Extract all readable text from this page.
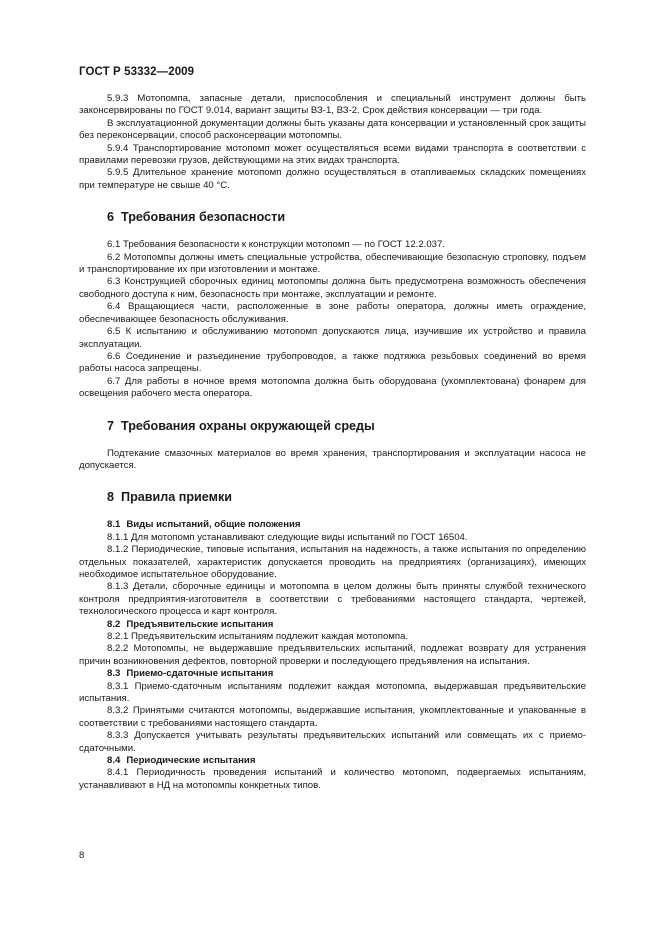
ГОСТ Р 53332—2009

5.9.3 Мотопомпа, запасные детали, приспособления и специальный инструмент должны быть законсервированы по ГОСТ 9.014, вариант защиты ВЗ-1, ВЗ-2. Срок действия консервации — три года.

В эксплуатационной документации должны быть указаны дата консервации и установленный срок защиты без переконсервации, способ расконсервации мотопомпы.

5.9.4 Транспортирование мотопомп может осуществляться всеми видами транспорта в соответствии с правилами перевозки грузов, действующими на этих видах транспорта.

5.9.5 Длительное хранение мотопомп должно осуществляться в отапливаемых складских помещениях при температуре не свыше 40 °С.

6 Требования безопасности

6.1 Требования безопасности к конструкции мотопомп — по ГОСТ 12.2.037.

6.2 Мотопомпы должны иметь специальные устройства, обеспечивающие безопасную строповку, подъем и транспортирование их при изготовлении и монтаже.

6.3 Конструкцией сборочных единиц мотопомпы должна быть предусмотрена возможность обеспечения свободного доступа к ним, безопасность при монтаже, эксплуатации и ремонте.

6.4 Вращающиеся части, расположенные в зоне работы оператора, должны иметь ограждение, обеспечивающее безопасность обслуживания.

6.5 К испытанию и обслуживанию мотопомп допускаются лица, изучившие их устройство и правила эксплуатации.

6.6 Соединение и разъединение трубопроводов, а также подтяжка резьбовых соединений во время работы насоса запрещены.

6.7 Для работы в ночное время мотопомпа должна быть оборудована (укомплектована) фонарем для освещения рабочего места оператора.

7 Требования охраны окружающей среды

Подтекание смазочных материалов во время хранения, транспортирования и эксплуатации насоса не допускается.

8 Правила приемки

8.1 Виды испытаний, общие положения

8.1.1 Для мотопомп устанавливают следующие виды испытаний по ГОСТ 16504.

8.1.2 Периодические, типовые испытания, испытания на надежность, а также испытания по определению отдельных показателей, характеристик допускается проводить на предприятиях (организациях), имеющих необходимое испытательное оборудование.

8.1.3 Детали, сборочные единицы и мотопомпа в целом должны быть приняты службой технического контроля предприятия-изготовителя в соответствии с требованиями настоящего стандарта, чертежей, технологического процесса и карт контроля.

8.2 Предъявительские испытания

8.2.1 Предъявительским испытаниям подлежит каждая мотопомпа.

8.2.2 Мотопомпы, не выдержавшие предъявительских испытаний, подлежат возврату для устранения причин возникновения дефектов, повторной проверки и последующего предъявления на испытания.

8.3 Приемо-сдаточные испытания

8.3.1 Приемо-сдаточным испытаниям подлежит каждая мотопомпа, выдержавшая предъявительские испытания.

8.3.2 Принятыми считаются мотопомпы, выдержавшие испытания, укомплектованные и упакованные в соответствии с требованиями настоящего стандарта.

8.3.3 Допускается учитывать результаты предъявительских испытаний или совмещать их с приемо-сдаточными.

8.4 Периодические испытания

8.4.1 Периодичность проведения испытаний и количество мотопомп, подвергаемых испытаниям, устанавливают в НД на мотопомпы конкретных типов.

8
